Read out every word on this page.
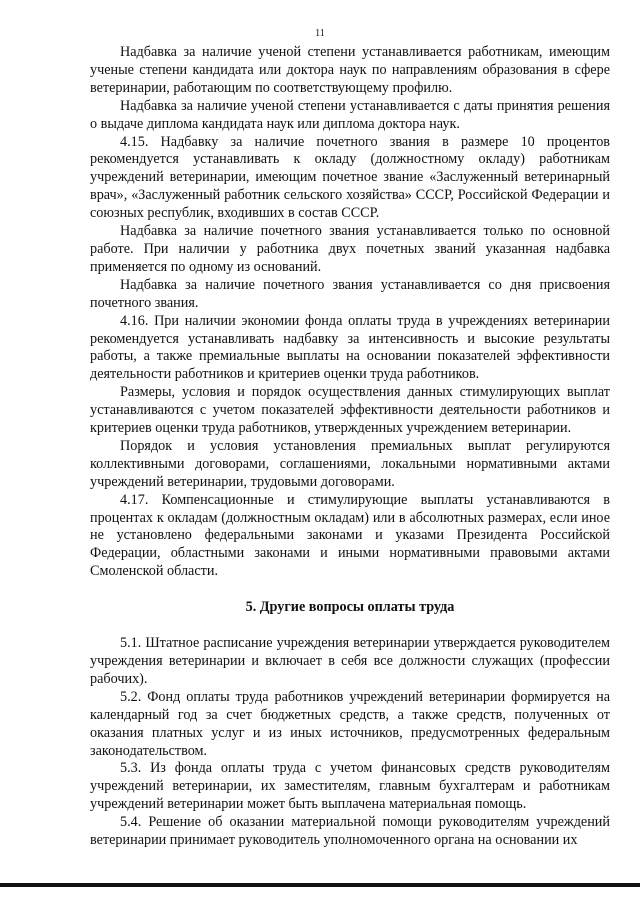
11

Надбавка за наличие ученой степени устанавливается работникам, имеющим ученые степени кандидата или доктора наук по направлениям образования в сфере ветеринарии, работающим по соответствующему профилю.

Надбавка за наличие ученой степени устанавливается с даты принятия решения о выдаче диплома кандидата наук или диплома доктора наук.

4.15. Надбавку за наличие почетного звания в размере 10 процентов рекомендуется устанавливать к окладу (должностному окладу) работникам учреждений ветеринарии, имеющим почетное звание «Заслуженный ветеринарный врач», «Заслуженный работник сельского хозяйства» СССР, Российской Федерации и союзных республик, входивших в состав СССР.

Надбавка за наличие почетного звания устанавливается только по основной работе. При наличии у работника двух почетных званий указанная надбавка применяется по одному из оснований.

Надбавка за наличие почетного звания устанавливается со дня присвоения почетного звания.

4.16. При наличии экономии фонда оплаты труда в учреждениях ветеринарии рекомендуется устанавливать надбавку за интенсивность и высокие результаты работы, а также премиальные выплаты на основании показателей эффективности деятельности работников и критериев оценки труда работников.

Размеры, условия и порядок осуществления данных стимулирующих выплат устанавливаются с учетом показателей эффективности деятельности работников и критериев оценки труда работников, утвержденных учреждением ветеринарии.

Порядок и условия установления премиальных выплат регулируются коллективными договорами, соглашениями, локальными нормативными актами учреждений ветеринарии, трудовыми договорами.

4.17. Компенсационные и стимулирующие выплаты устанавливаются в процентах к окладам (должностным окладам) или в абсолютных размерах, если иное не установлено федеральными законами и указами Президента Российской Федерации, областными законами и иными нормативными правовыми актами Смоленской области.

5. Другие вопросы оплаты труда

5.1. Штатное расписание учреждения ветеринарии утверждается руководителем учреждения ветеринарии и включает в себя все должности служащих (профессии рабочих).

5.2. Фонд оплаты труда работников учреждений ветеринарии формируется на календарный год за счет бюджетных средств, а также средств, полученных от оказания платных услуг и из иных источников, предусмотренных федеральным законодательством.

5.3. Из фонда оплаты труда с учетом финансовых средств руководителям учреждений ветеринарии, их заместителям, главным бухгалтерам и работникам учреждений ветеринарии может быть выплачена материальная помощь.

5.4. Решение об оказании материальной помощи руководителям учреждений ветеринарии принимает руководитель уполномоченного органа на основании их
